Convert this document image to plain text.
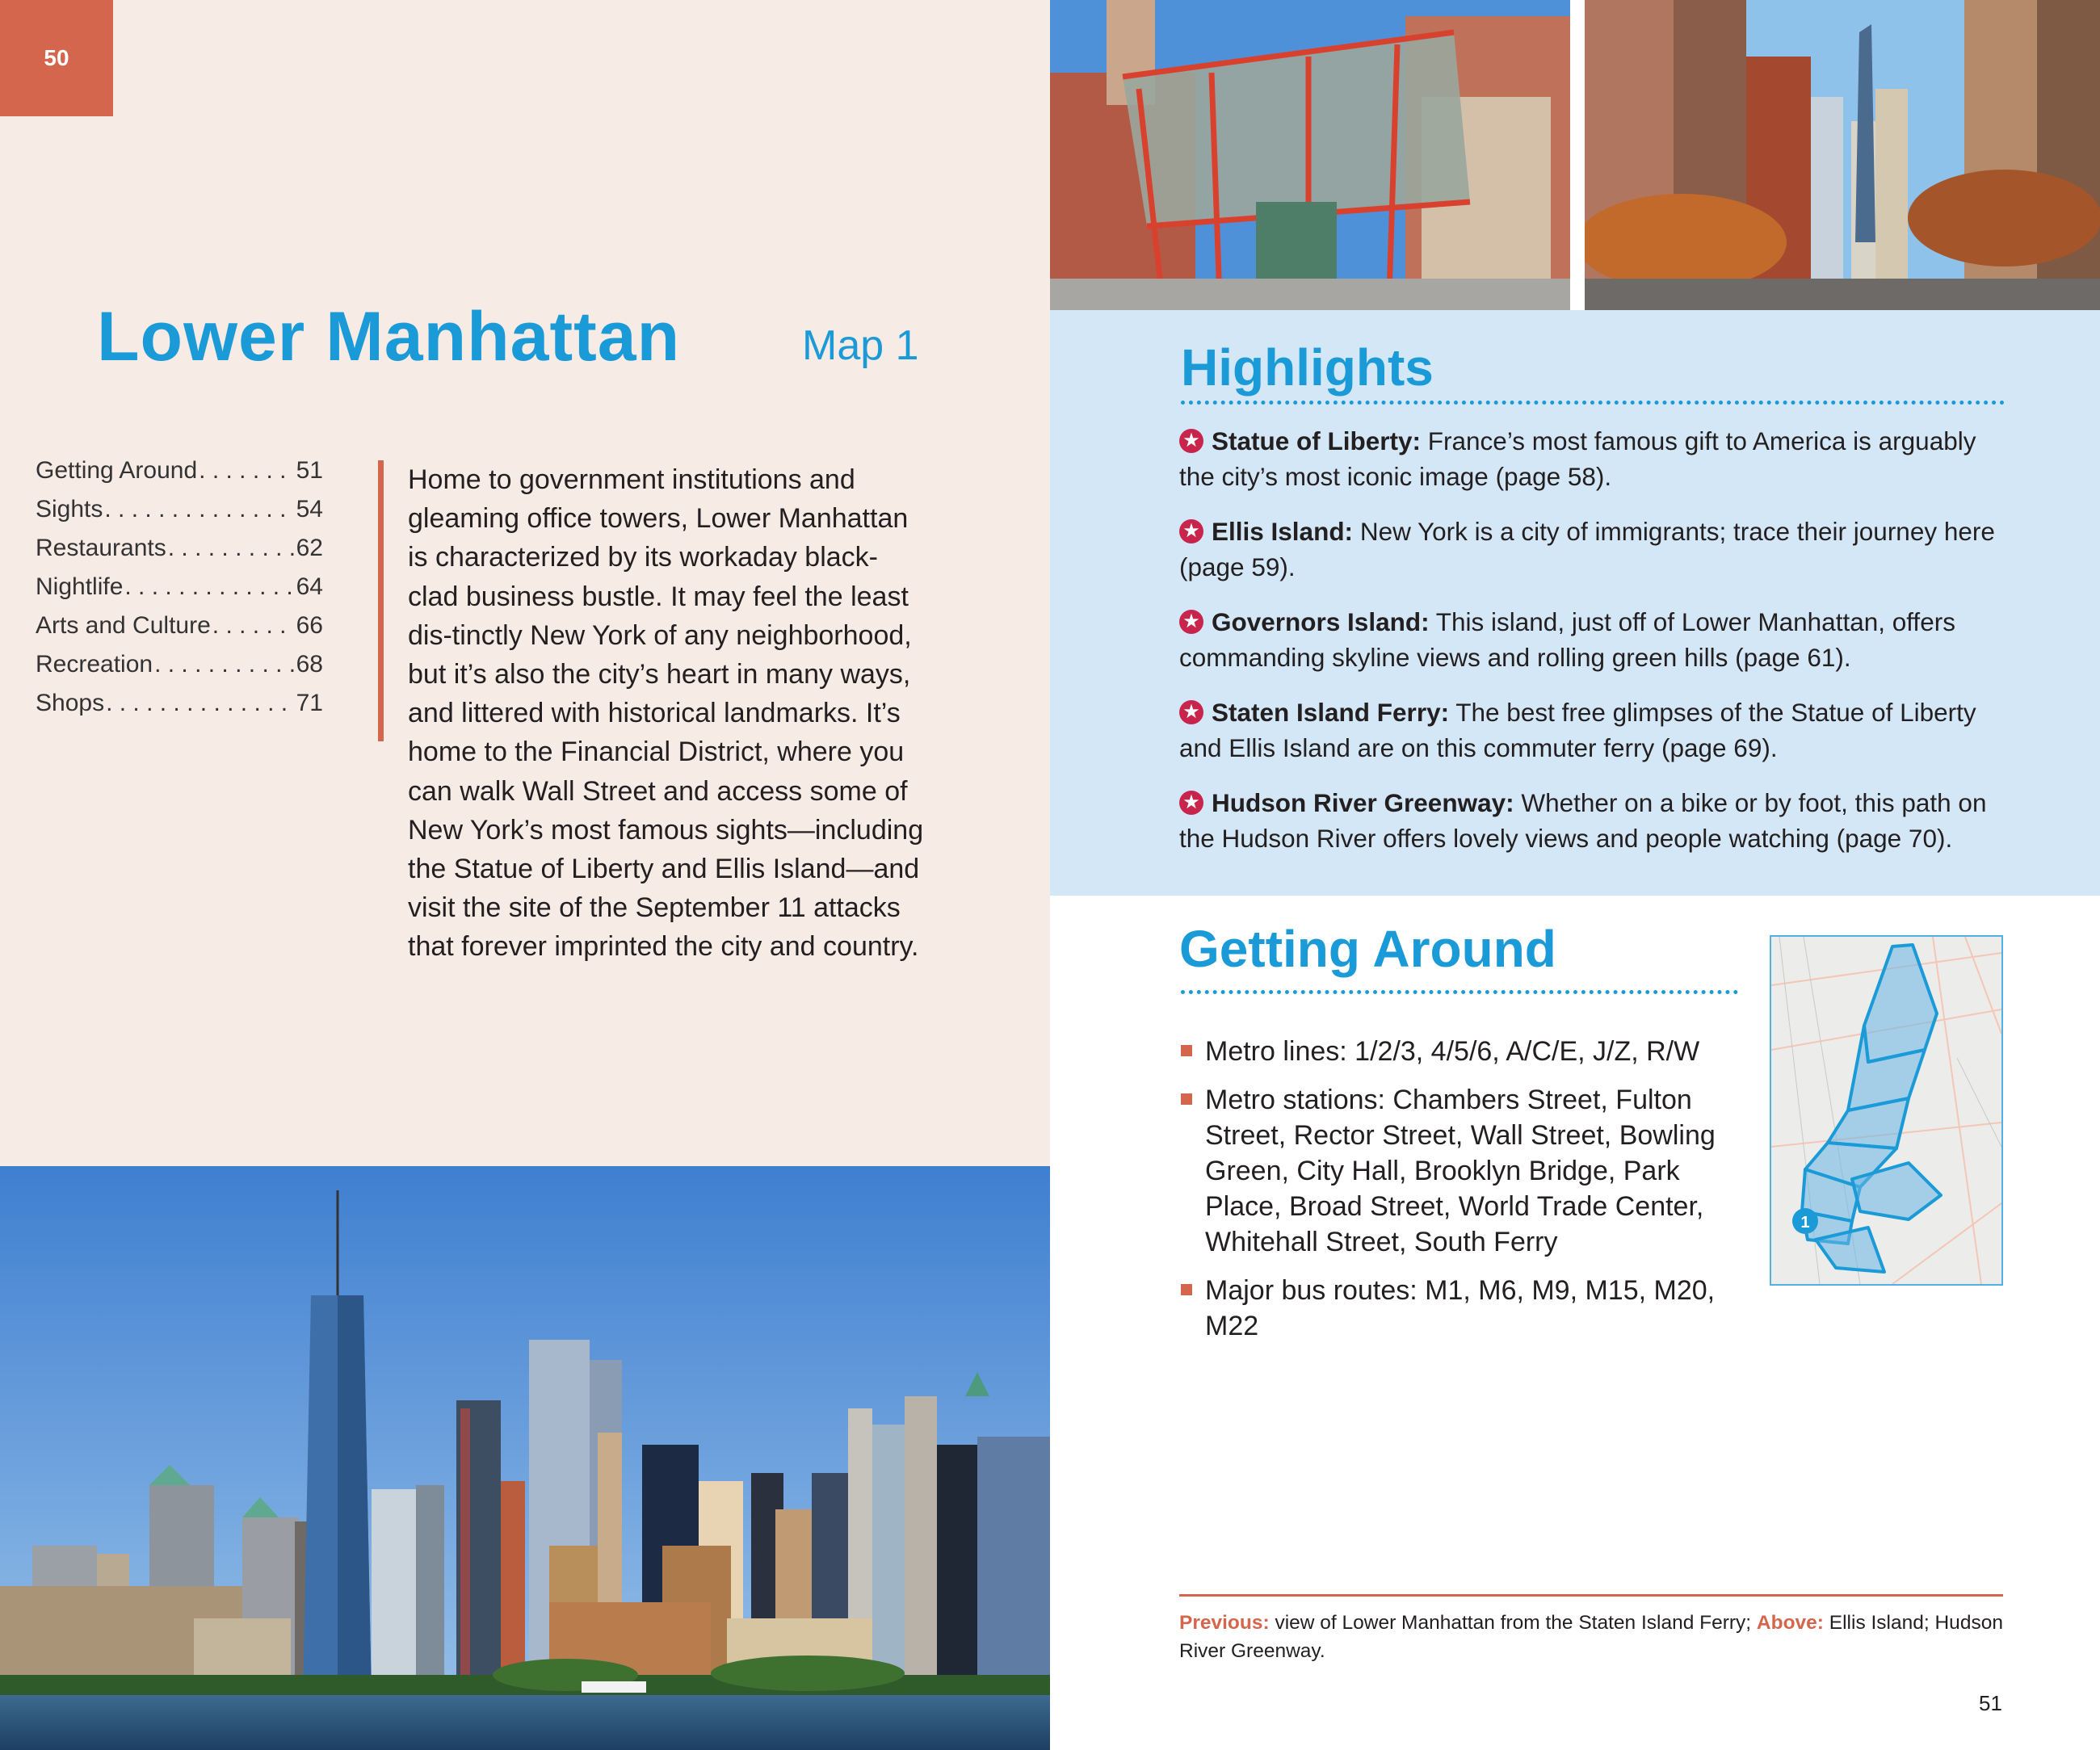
50
Lower Manhattan	Map 1
Getting Around . . .	51
Sights . . .	54
Restaurants . . .	62
Nightlife . . .	64
Arts and Culture . . .	66
Recreation . . .	68
Shops . . .	71
Home to government institutions and gleaming office towers, Lower Manhattan is characterized by its workaday black-clad business bustle. It may feel the least dis-tinctly New York of any neighborhood, but it’s also the city’s heart in many ways, and littered with historical landmarks. It’s home to the Financial District, where you can walk Wall Street and access some of New York’s most famous sights—including the Statue of Liberty and Ellis Island—and visit the site of the September 11 attacks that forever imprinted the city and country.
Highlights
★ Statue of Liberty: France’s most famous gift to America is arguably the city’s most iconic image (page 58).
★ Ellis Island: New York is a city of immigrants; trace their journey here (page 59).
★ Governors Island: This island, just off of Lower Manhattan, offers commanding skyline views and rolling green hills (page 61).
★ Staten Island Ferry: The best free glimpses of the Statue of Liberty and Ellis Island are on this commuter ferry (page 69).
★ Hudson River Greenway: Whether on a bike or by foot, this path on the Hudson River offers lovely views and people watching (page 70).
Getting Around
Metro lines: 1/2/3, 4/5/6, A/C/E, J/Z, R/W
Metro stations: Chambers Street, Fulton Street, Rector Street, Wall Street, Bowling Green, City Hall, Brooklyn Bridge, Park Place, Broad Street, World Trade Center, Whitehall Street, South Ferry
Major bus routes: M1, M6, M9, M15, M20, M22
1
Previous: view of Lower Manhattan from the Staten Island Ferry; Above: Ellis Island; Hudson River Greenway.
51
